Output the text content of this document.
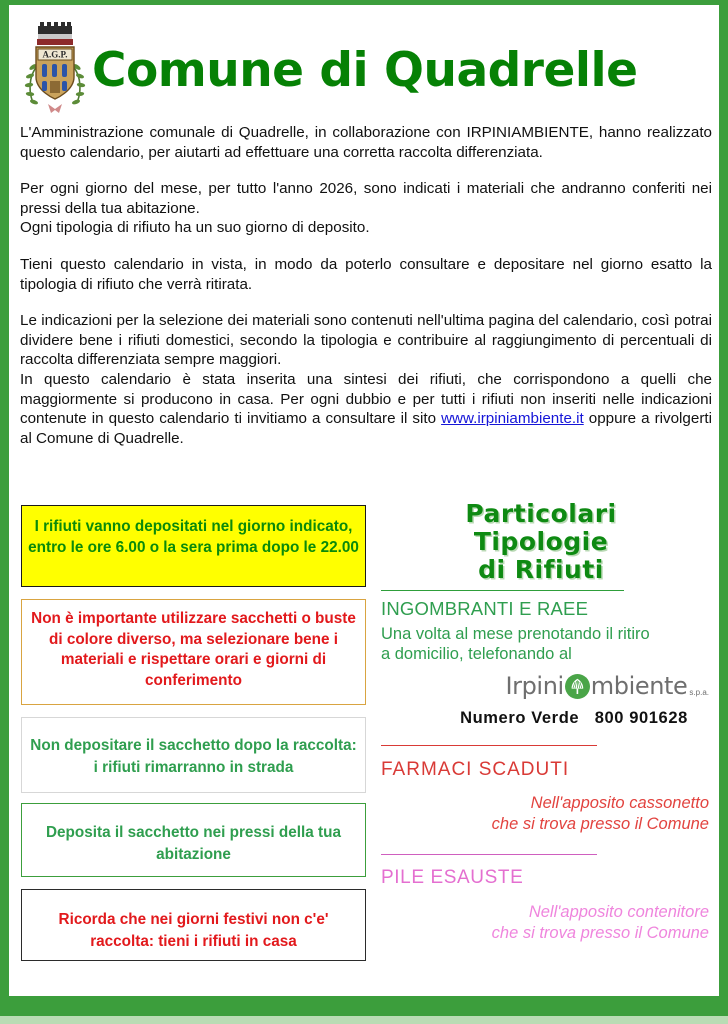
A.G.P. Comune di Quadrelle

L'Amministrazione comunale di Quadrelle, in collaborazione con IRPINIAMBIENTE, hanno realizzato questo calendario, per aiutarti ad effettuare una corretta raccolta differenziata.

Per ogni giorno del mese, per tutto l'anno 2026, sono indicati i materiali che andranno conferiti nei pressi della tua abitazione.

Ogni tipologia di rifiuto ha un suo giorno di deposito.

Tieni questo calendario in vista, in modo da poterlo consultare e depositare nel giorno esatto la tipologia di rifiuto che verrà ritirata.

Le indicazioni per la selezione dei materiali sono contenuti nell'ultima pagina del calendario, così potrai dividere bene i rifiuti domestici, secondo la tipologia e contribuire al raggiungimento di percentuali di raccolta differenziata sempre maggiori.

In questo calendario è stata inserita una sintesi dei rifiuti, che corrispondono a quelli che maggiormente si producono in casa. Per ogni dubbio e per tutti i rifiuti non inseriti nelle indicazioni contenute in questo calendario ti invitiamo a consultare il sito www.irpiniambiente.it oppure a rivolgerti al Comune di Quadrelle.

I rifiuti vanno depositati nel giorno indicato, entro le ore 6.00 o la sera prima dopo le 22.00
Non è importante utilizzare sacchetti o buste di colore diverso, ma selezionare bene i materiali e rispettare orari e giorni di conferimento
Non depositare il sacchetto dopo la raccolta: i rifiuti rimarranno in strada
Deposita il sacchetto nei pressi della tua abitazione
Ricorda che nei giorni festivi non c'e' raccolta: tieni i rifiuti in casa
Particolari
Tipologie
di Rifiuti
INGOMBRANTI E RAEE
Una volta al mese prenotando il ritiro
a domicilio, telefonando al
Irpini mbiente s.p.a.
Numero Verde 800 901628
FARMACI SCADUTI
Nell'apposito cassonetto
che si trova presso il Comune
PILE ESAUSTE
Nell'apposito contenitore
che si trova presso il Comune
